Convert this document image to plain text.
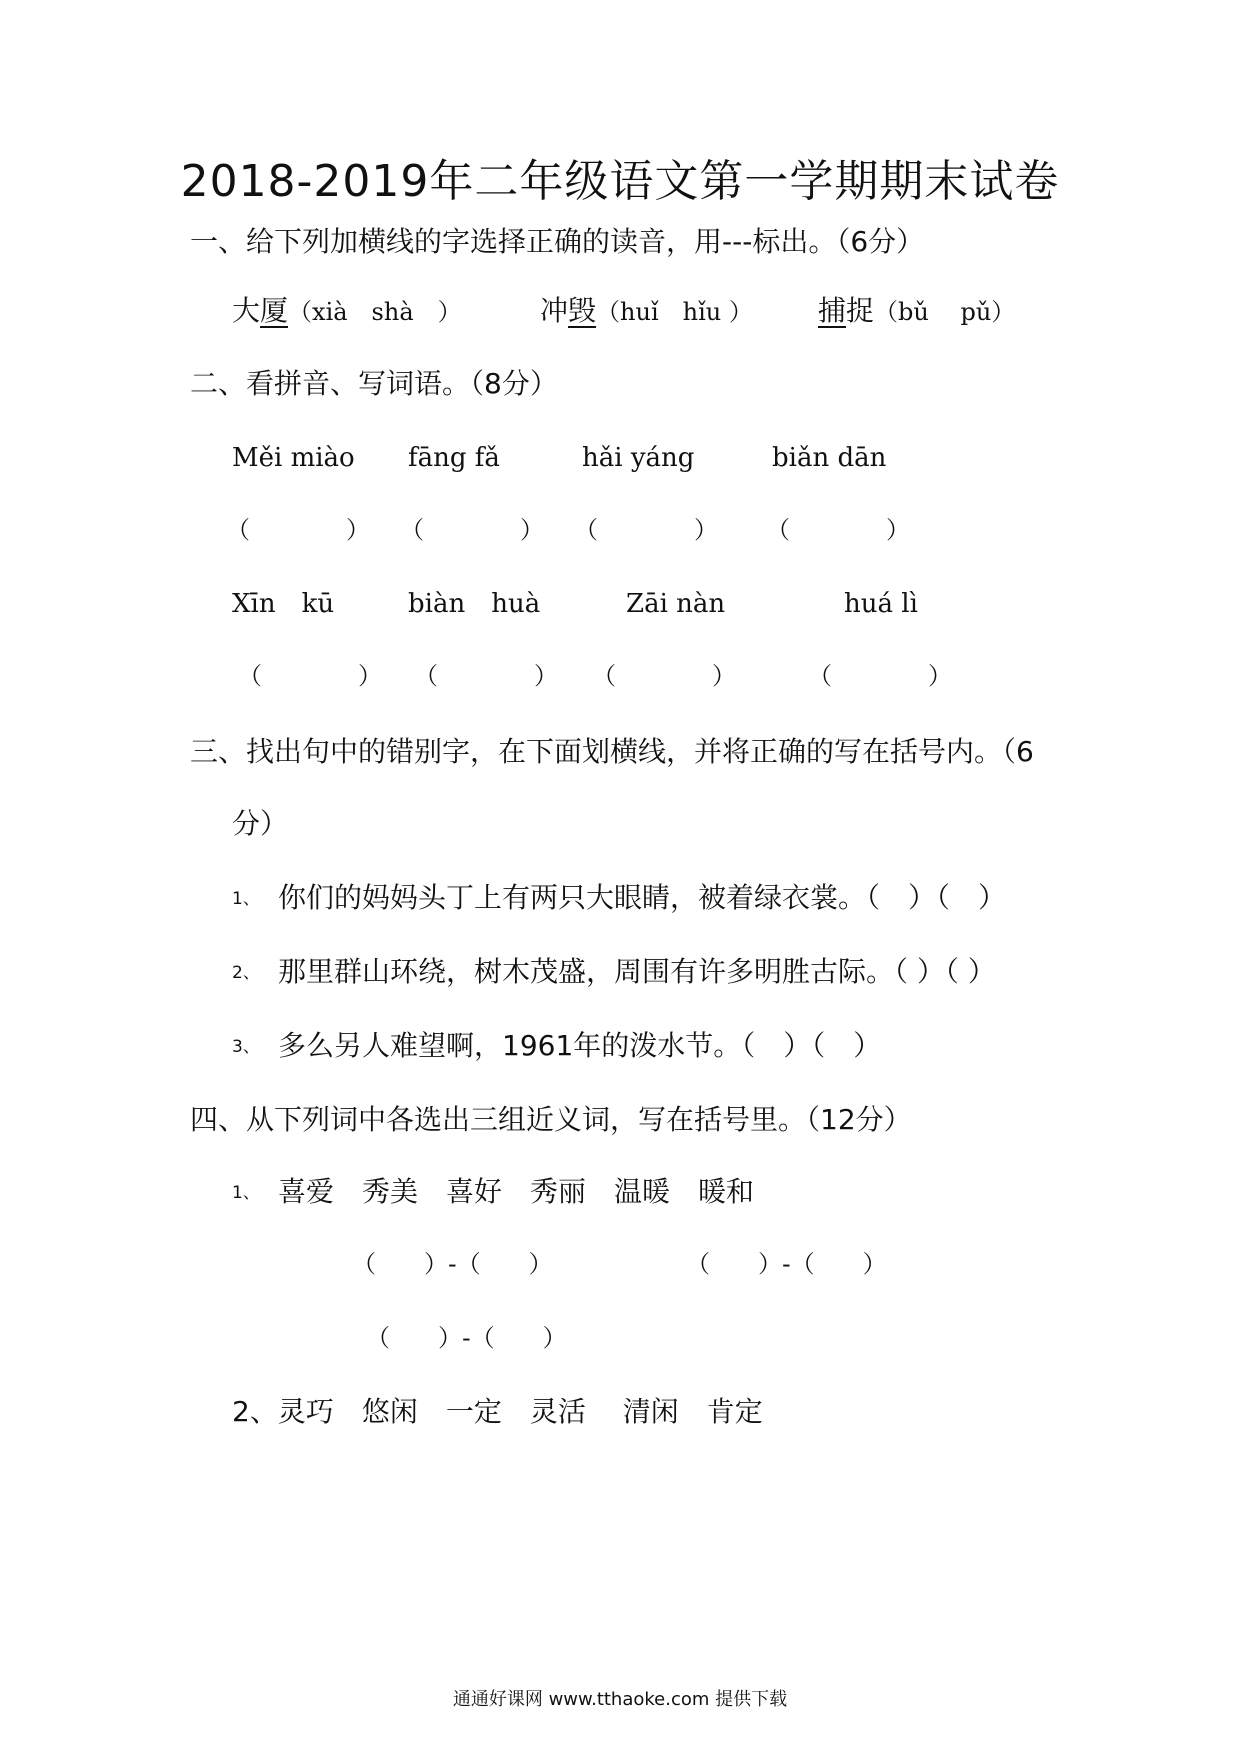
2018-2019年二年级语文第一学期期末试卷
一、给下列加横线的字选择正确的读音，用---标出。（6分）
大厦（xià　shà　）	冲毁（huǐ　hǐu ） 捕捉（bǔ　 pǔ）
二、看拼音、写词语。（8分）
Měi miào fāng fǎ	hǎi yáng	biǎn dān
（　　　　） （　　　　） （　　　　） （　　　　）
Xīn　kū	biàn　huà	Zāi nàn	huá lì
（　　　　） （　　　　） （　　　　）	（　　　　）
三、找出句中的错别字，在下面划横线，并将正确的写在括号内。（6
分）
1、 你们的妈妈头丁上有两只大眼睛，被着绿衣裳。（　）（　）
2、 那里群山环绕，树木茂盛，周围有许多明胜古际。（ ）（ ）
3、 多么另人难望啊，1961年的泼水节。（　）（　）
四、从下列词中各选出三组近义词，写在括号里。（12分）
1、 喜爱　秀美　喜好　秀丽　温暖　暖和
（　　）-（　　）	（　　）-（　　）
（　　）-（　　）
2、灵巧　悠闲　一定　灵活　 清闲　肯定
通通好课网 www.tthaoke.com 提供下载
